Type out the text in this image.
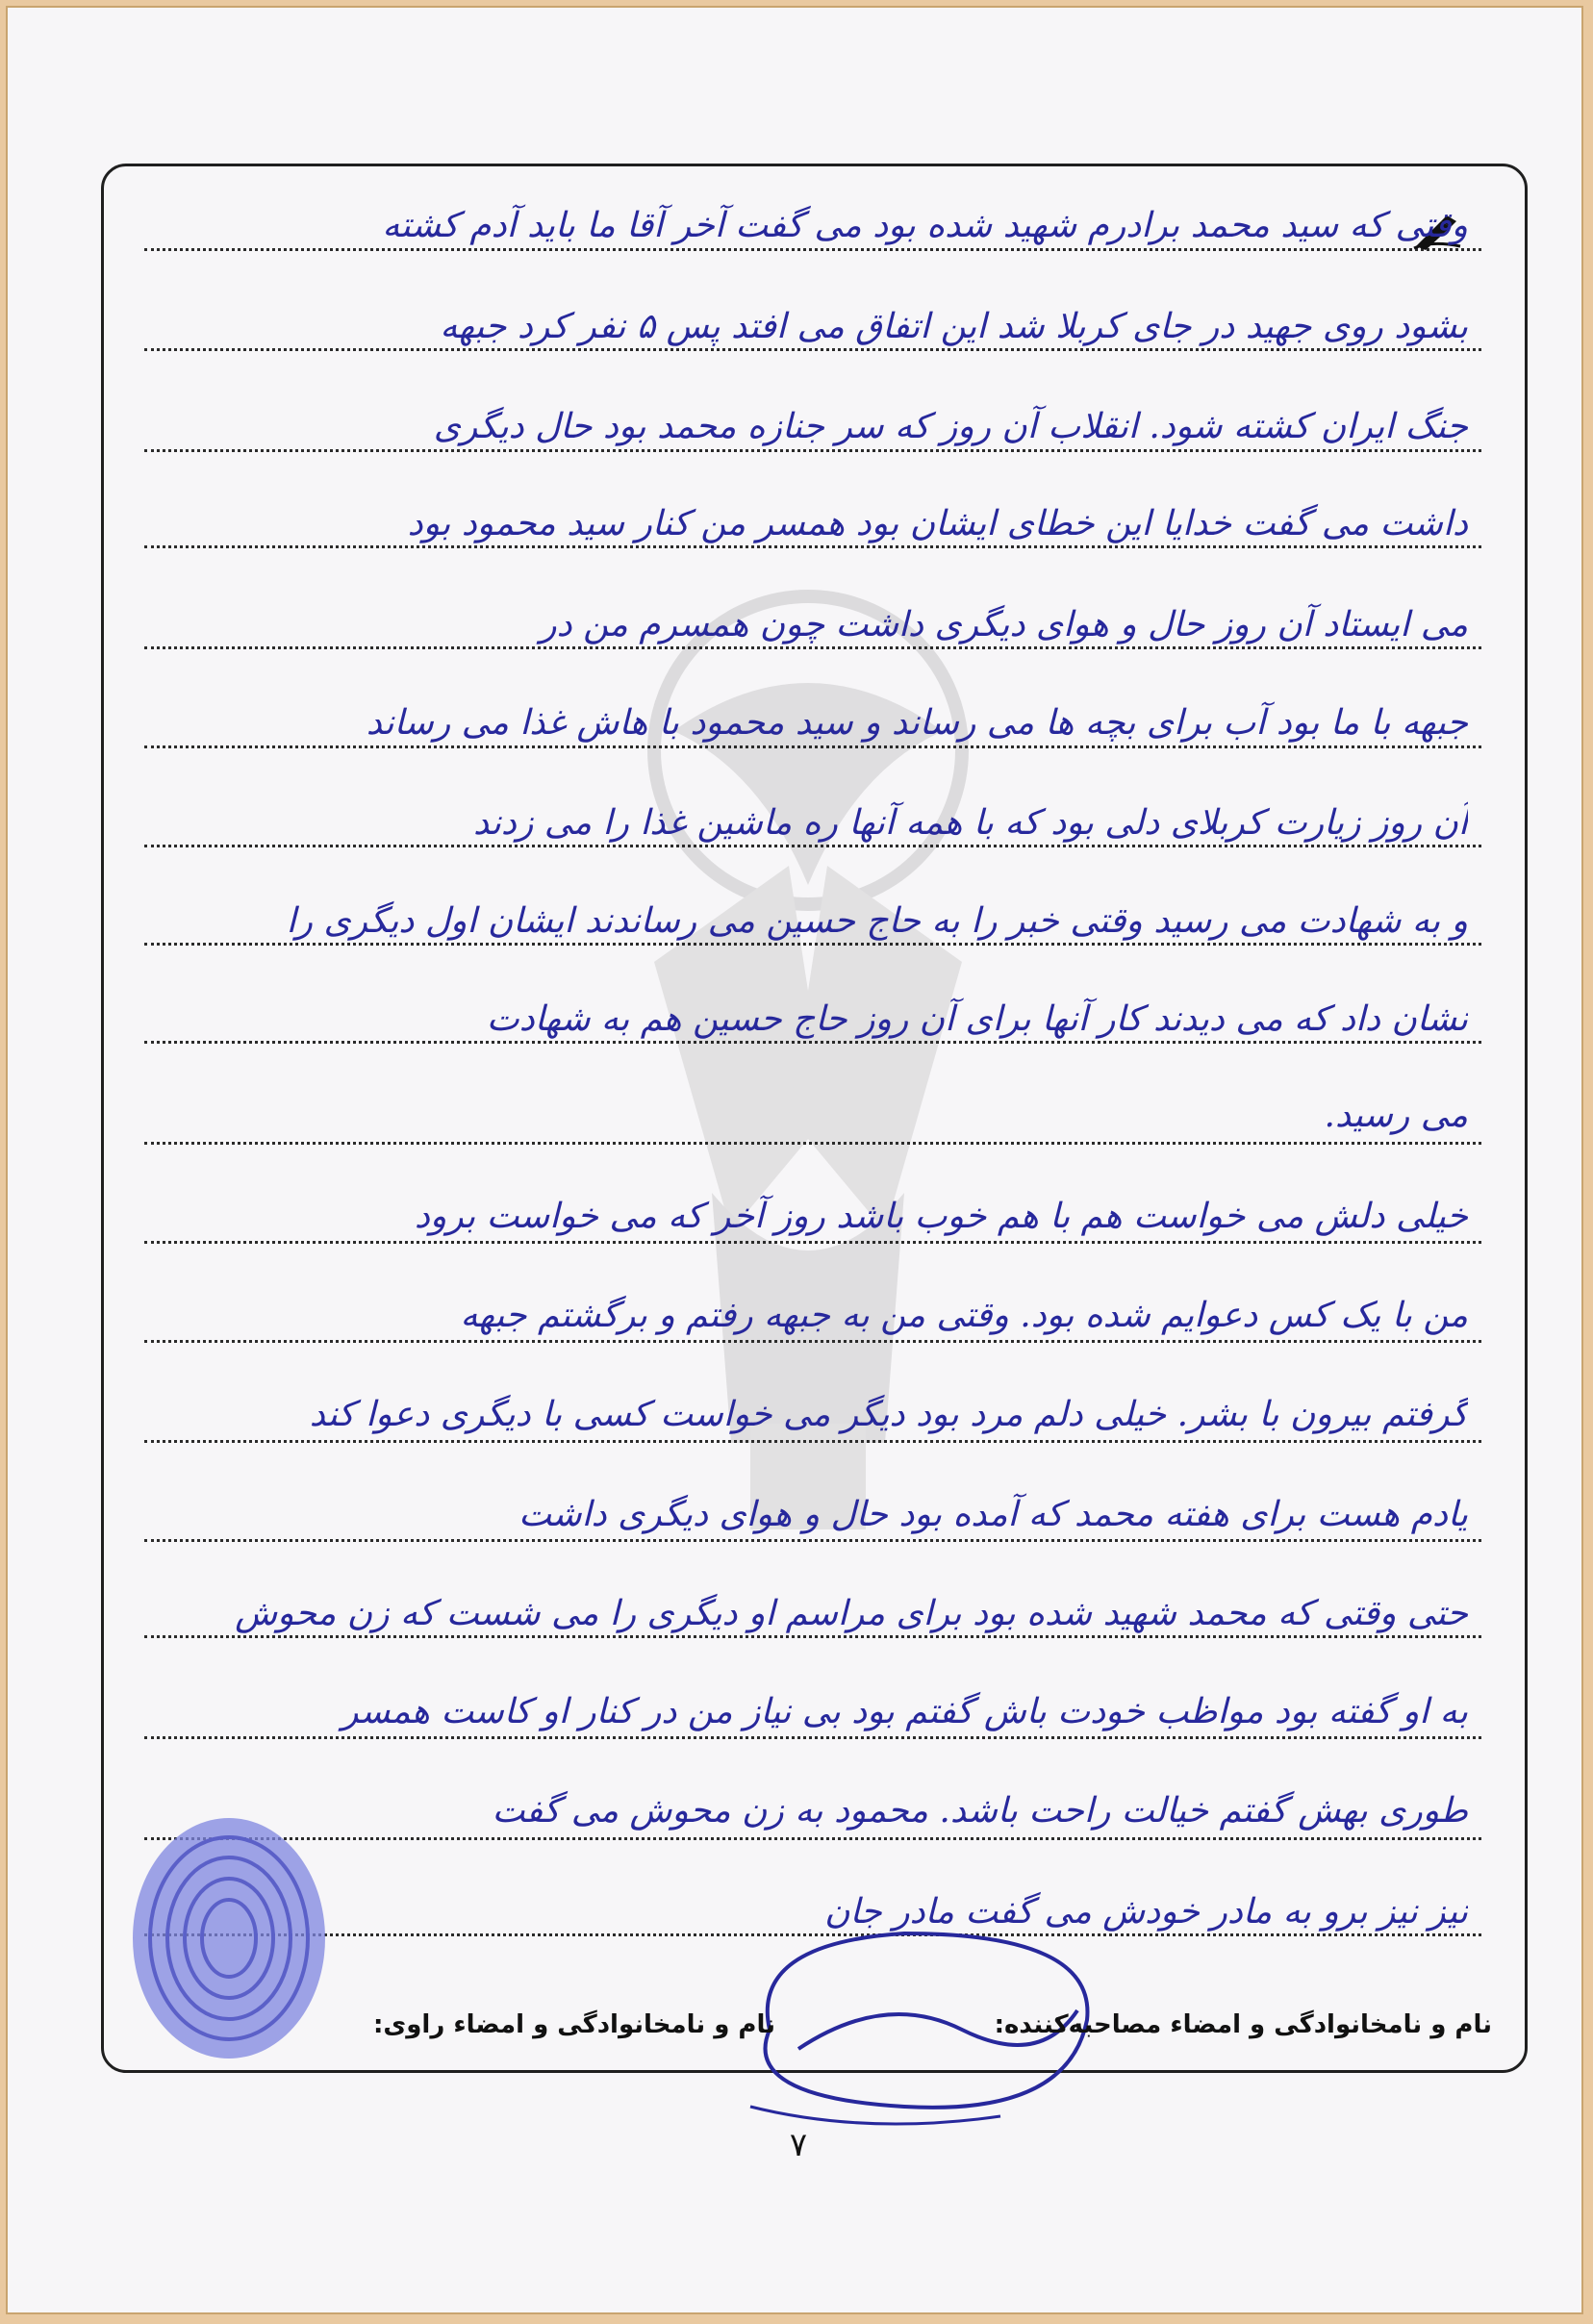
وقتی که سید محمد برادرم شهید شده بود می گفت آخر آقا ما باید آدم کشته
بشود روی جهید در جای کربلا شد این اتفاق می افتد پس ۵ نفر کرد جبهه
جنگ ایران کشته شود. انقلاب آن روز که سر جنازه محمد بود حال دیگری
داشت می گفت خدایا این خطای ایشان بود همسر من کنار سید محمود بود
می ایستاد آن روز حال و هوای دیگری داشت چون همسرم من در
جبهه با ما بود آب برای بچه ها می رساند و سید محمود با هاش غذا می رساند
آن روز زیارت کربلای دلی بود که با همه آنها ره ماشین غذا را می زدند
و به شهادت می رسید وقتی خبر را به حاج حسین می رساندند ایشان اول دیگری را
نشان داد که می دیدند کار آنها برای آن روز حاج حسین هم به شهادت
می رسید.
خیلی دلش می خواست هم با هم خوب باشد روز آخر که می خواست برود
من با یک کس دعوایم شده بود. وقتی من به جبهه رفتم و برگشتم جبهه
گرفتم بیرون با بشر. خیلی دلم مرد بود دیگر می خواست کسی با دیگری دعوا کند
یادم هست برای هفته محمد که آمده بود حال و هوای دیگری داشت
حتی وقتی که محمد شهید شده بود برای مراسم او دیگری را می شست که زن محوش
به او گفته بود مواظب خودت باش گفتم بود بی نیاز من در کنار او کاست همسر
طوری بهش گفتم خیالت راحت باشد. محمود به زن محوش می گفت
نیز نیز برو به مادر خودش می گفت مادر جان
نام و نامخانوادگی و امضاء مصاحبه‌کننده:
نام و نامخانوادگی و امضاء راوی:
۷
